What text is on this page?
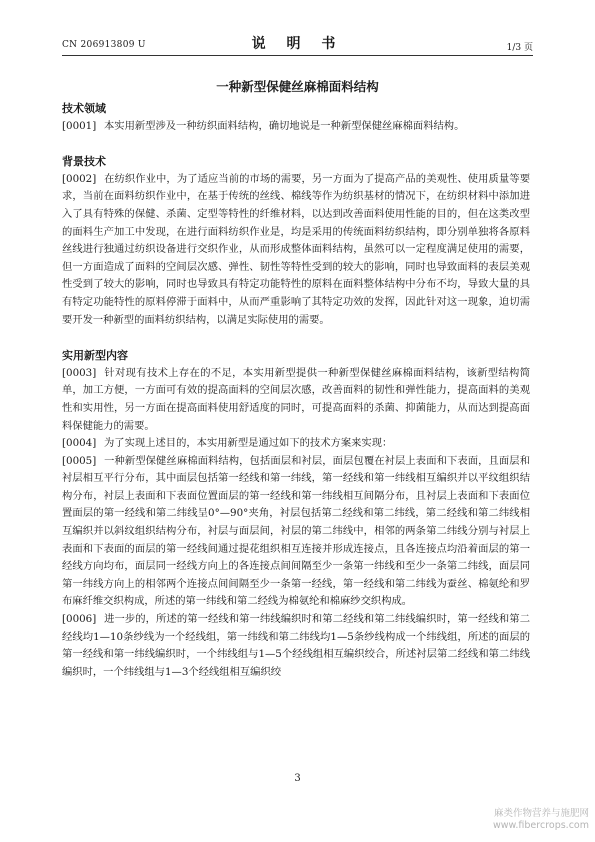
CN 206913809 U	说 明 书	1/3 页
一种新型保健丝麻棉面料结构

技术领域

[0001] 本实用新型涉及一种纺织面料结构，确切地说是一种新型保健丝麻棉面料结构。

背景技术

[0002] 在纺织作业中，为了适应当前的市场的需要，另一方面为了提高产品的美观性、使用质量等要求，当前在面料纺织作业中，在基于传统的丝线、棉线等作为纺织基材的情况下，在纺织材料中添加进入了具有特殊的保健、杀菌、定型等特性的纤维材料，以达到改善面料使用性能的目的，但在这类改型的面料生产加工中发现，在进行面料纺织作业是，均是采用的传统面料纺织结构，即分别单独将各原料丝线进行独通过纺织设备进行交织作业，从而形成整体面料结构，虽然可以一定程度满足使用的需要，但一方面造成了面料的空间层次感、弹性、韧性等特性受到的较大的影响，同时也导致面料的表层美观性受到了较大的影响，同时也导致具有特定功能特性的原料在面料整体结构中分布不均，导致大量的具有特定功能特性的原料停滞于面料中，从而严重影响了其特定功效的发挥，因此针对这一现象，迫切需要开发一种新型的面料纺织结构，以满足实际使用的需要。

实用新型内容

[0003] 针对现有技术上存在的不足，本实用新型提供一种新型保健丝麻棉面料结构，该新型结构简单，加工方便，一方面可有效的提高面料的空间层次感，改善面料的韧性和弹性能力，提高面料的美观性和实用性，另一方面在提高面料使用舒适度的同时，可提高面料的杀菌、抑菌能力，从而达到提高面料保健能力的需要。

[0004] 为了实现上述目的，本实用新型是通过如下的技术方案来实现：

[0005] 一种新型保健丝麻棉面料结构，包括面层和衬层，面层包覆在衬层上表面和下表面，且面层和衬层相互平行分布，其中面层包括第一经线和第一纬线，第一经线和第一纬线相互编织并以平纹组织结构分布，衬层上表面和下表面位置面层的第一经线和第一纬线相互间隔分布，且衬层上表面和下表面位置面层的第一经线和第二纬线呈0°—90°夹角，衬层包括第二经线和第二纬线，第二经线和第二纬线相互编织并以斜纹组织结构分布，衬层与面层间，衬层的第二纬线中，相邻的两条第二纬线分别与衬层上表面和下表面的面层的第一经线间通过提花组织相互连接并形成连接点，且各连接点均沿着面层的第一经线方向均布，面层同一经线方向上的各连接点间间隔至少一条第一纬线和至少一条第二纬线，面层同第一纬线方向上的相邻两个连接点间间隔至少一条第一经线，第一经线和第二纬线为蚕丝、棉氨纶和罗布麻纤维交织构成，所述的第一纬线和第二经线为棉氨纶和棉麻纱交织构成。

[0006] 进一步的，所述的第一经线和第一纬线编织时和第二经线和第二纬线编织时，第一经线和第二经线均1—10条纱线为一个经线组，第一纬线和第二纬线均1—5条纱线构成一个纬线组，所述的面层的第一经线和第一纬线编织时，一个纬线组与1—5个经线组相互编织绞合，所述衬层第二经线和第二纬线编织时，一个纬线组与1—3个经线组相互编织绞

3
麻类作物营养与施肥网
www.fibercrops.com
